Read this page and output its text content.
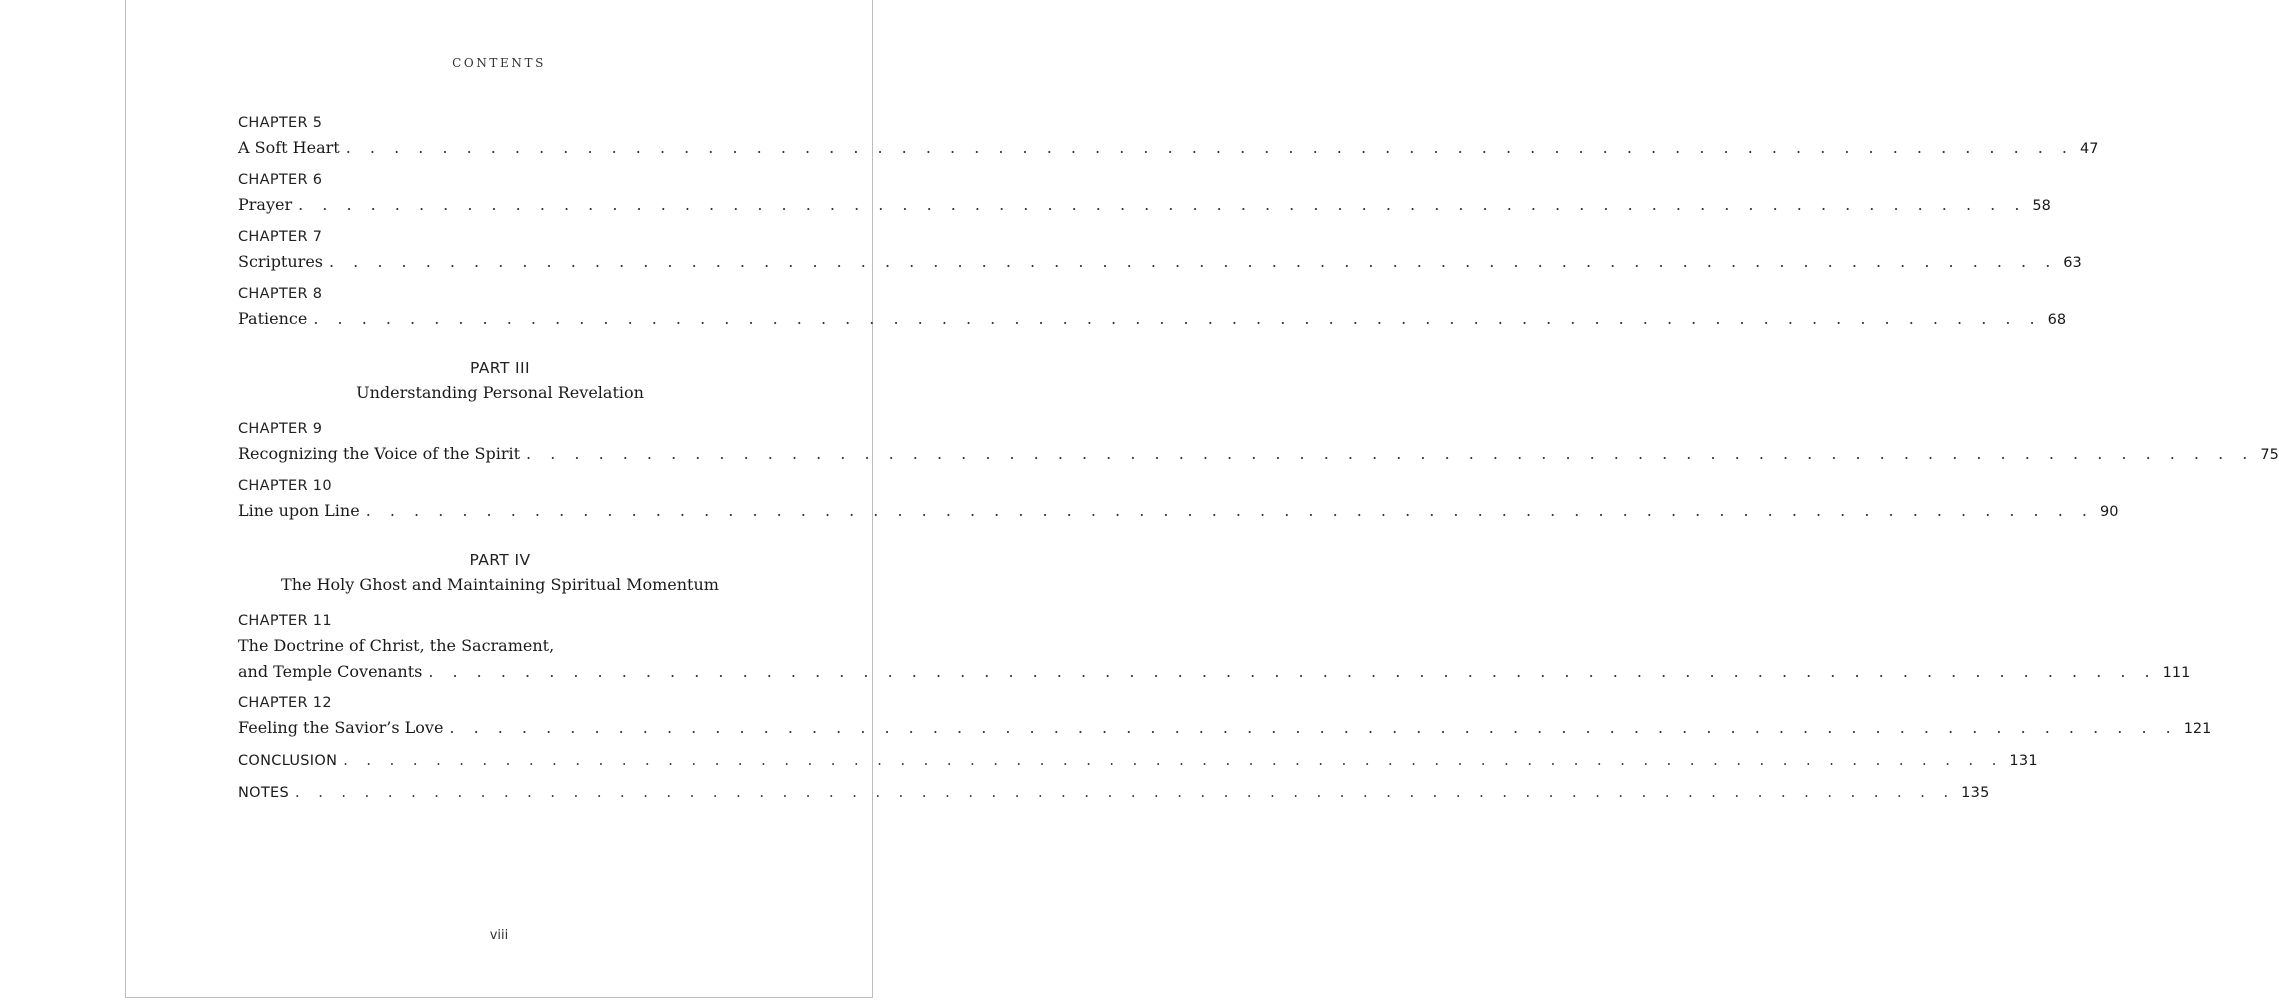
CONTENTS
CHAPTER 5
A Soft Heart . . . . . . . . . . . . . . . . . . . . . . . . . . . . . . . . . . . . . . . . . . . . . . . . . . . . . . . . . . . . . . . . . . . . . . . . 47
CHAPTER 6
Prayer . . . . . . . . . . . . . . . . . . . . . . . . . . . . . . . . . . . . . . . . . . . . . . . . . . . . . . . . . . . . . . . . . . . . . . . . 58
CHAPTER 7
Scriptures . . . . . . . . . . . . . . . . . . . . . . . . . . . . . . . . . . . . . . . . . . . . . . . . . . . . . . . . . . . . . . . . . . . . . . . . 63
CHAPTER 8
Patience . . . . . . . . . . . . . . . . . . . . . . . . . . . . . . . . . . . . . . . . . . . . . . . . . . . . . . . . . . . . . . . . . . . . . . . . 68
PART III
Understanding Personal Revelation
CHAPTER 9
Recognizing the Voice of the Spirit . . . . . . . . . . . . . . . . . . . . . . . . . . . . . . . . . . . . . . . . . . . . . . . . . . . . . . . . . . . . . . . . . . . . . . . . 75
CHAPTER 10
Line upon Line . . . . . . . . . . . . . . . . . . . . . . . . . . . . . . . . . . . . . . . . . . . . . . . . . . . . . . . . . . . . . . . . . . . . . . . . 90
PART IV
The Holy Ghost and Maintaining Spiritual Momentum
CHAPTER 11
The Doctrine of Christ, the Sacrament,
and Temple Covenants . . . . . . . . . . . . . . . . . . . . . . . . . . . . . . . . . . . . . . . . . . . . . . . . . . . . . . . . . . . . . . . . . . . . . . . . 111
CHAPTER 12
Feeling the Savior’s Love . . . . . . . . . . . . . . . . . . . . . . . . . . . . . . . . . . . . . . . . . . . . . . . . . . . . . . . . . . . . . . . . . . . . . . . . 121
CONCLUSION . . . . . . . . . . . . . . . . . . . . . . . . . . . . . . . . . . . . . . . . . . . . . . . . . . . . . . . . . . . . . . . . . . . . . . . . 131
NOTES . . . . . . . . . . . . . . . . . . . . . . . . . . . . . . . . . . . . . . . . . . . . . . . . . . . . . . . . . . . . . . . . . . . . . . . . 135
viii
